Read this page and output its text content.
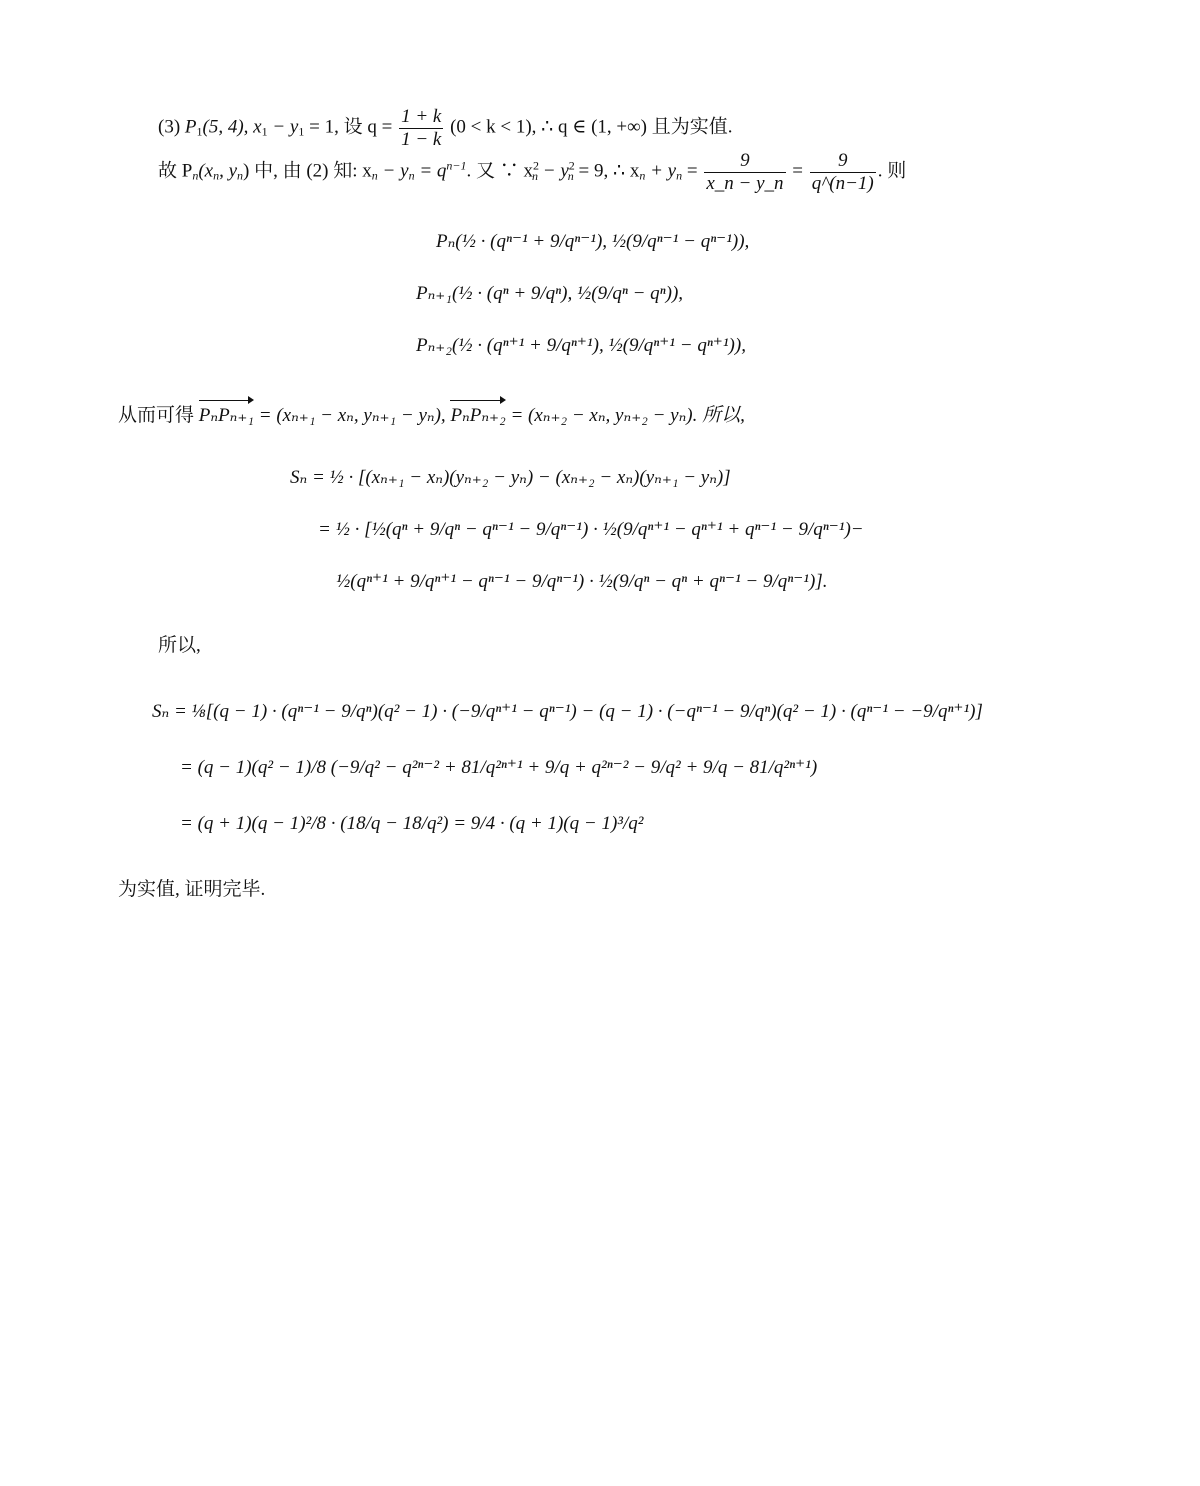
(3) $P_1(5$, 4), $x_1 - y_1 = 1$, 设 $q = \frac{1 + k}{1 - k} (0 < k < 1)$, ∴ q ∈ (1, +∞) 且为实值.
故 $P_n(x_n$, $y_n$) 中, 由 (2) 知: $x_n - y_n = q^{n-1}$. 又 ∵ $x^2_n - y^2_n = 9$, ∴ $x_n + y_n = \frac{9}{x\_n - y\_n} = \frac{9}{q\^{}(n-1)}$ . 则
Pₙ(½ · (qⁿ⁻¹ + 9/qⁿ⁻¹), ½(9/qⁿ⁻¹ − qⁿ⁻¹)),
Pₙ₊₁(½ · (qⁿ + 9/qⁿ), ½(9/qⁿ − qⁿ)),
Pₙ₊₂(½ · (qⁿ⁺¹ + 9/qⁿ⁺¹), ½(9/qⁿ⁺¹ − qⁿ⁺¹)),
从而可得 PₙPₙ₊₁ = (xₙ₊₁ − xₙ, yₙ₊₁ − yₙ), PₙPₙ₊₂ = (xₙ₊₂ − xₙ, yₙ₊₂ − yₙ). 所以,
Sₙ = ½ · [(xₙ₊₁ − xₙ)(yₙ₊₂ − yₙ) − (xₙ₊₂ − xₙ)(yₙ₊₁ − yₙ)]
= ½ · [½(qⁿ + 9/qⁿ − qⁿ⁻¹ − 9/qⁿ⁻¹) · ½(9/qⁿ⁺¹ − qⁿ⁺¹ + qⁿ⁻¹ − 9/qⁿ⁻¹)−
½(qⁿ⁺¹ + 9/qⁿ⁺¹ − qⁿ⁻¹ − 9/qⁿ⁻¹) · ½(9/qⁿ − qⁿ + qⁿ⁻¹ − 9/qⁿ⁻¹)].
所以,
Sₙ = ⅛[(q − 1) · (qⁿ⁻¹ − 9/qⁿ)(q² − 1) · (−9/qⁿ⁺¹ − qⁿ⁻¹) − (q − 1) · (−qⁿ⁻¹ − 9/qⁿ)(q² − 1) · (qⁿ⁻¹ − −9/qⁿ⁺¹)]
= (q − 1)(q² − 1)/8 (−9/q² − q²ⁿ⁻² + 81/q²ⁿ⁺¹ + 9/q + q²ⁿ⁻² − 9/q² + 9/q − 81/q²ⁿ⁺¹)
= (q + 1)(q − 1)²/8 · (18/q − 18/q²) = 9/4 · (q + 1)(q − 1)³/q²
为实值, 证明完毕.
